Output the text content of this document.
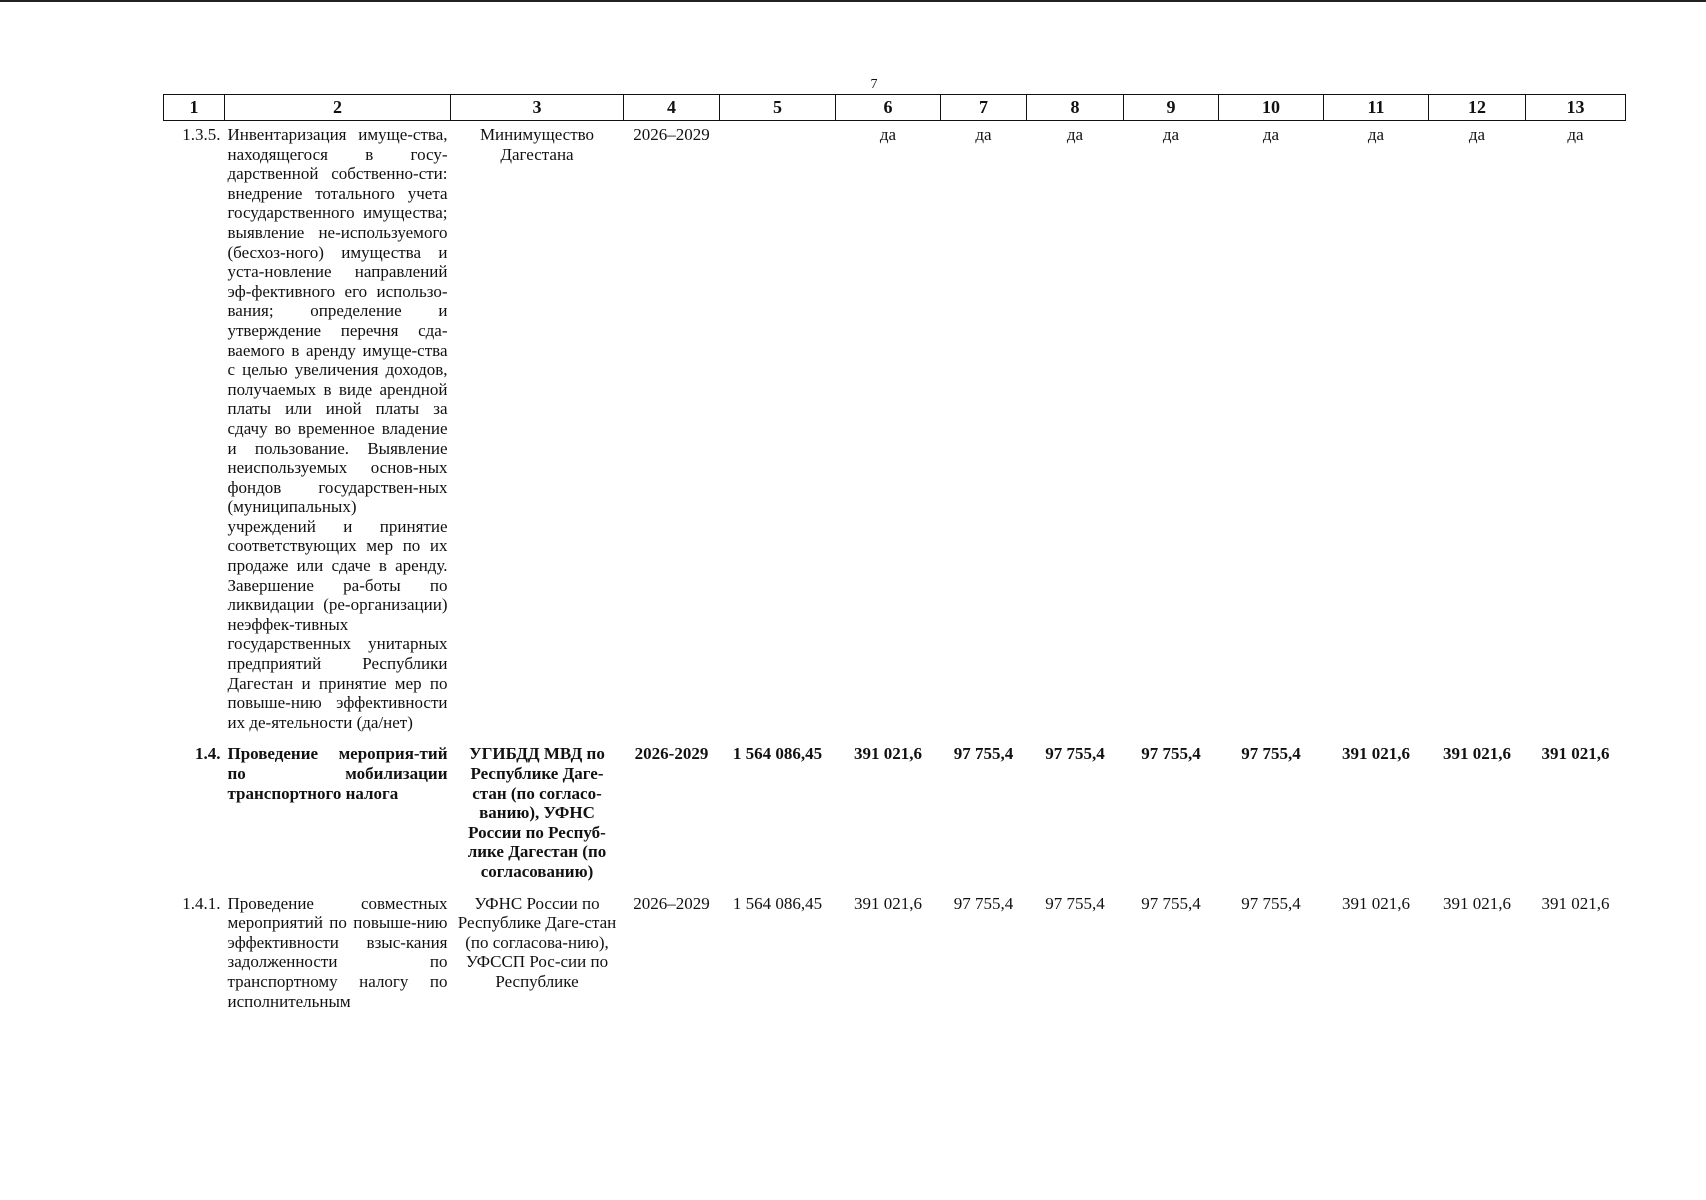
7
1	2	3	4	5	6	7	8	9	10	11	12	13
1.3.5.	Инвентаризация имуще-ства, находящегося в госу-дарственной собственно-сти: внедрение тотального учета государственного имущества; выявление не-используемого (бесхоз-ного) имущества и уста-новление направлений эф-фективного его использо-вания; определение и утверждение перечня сда-ваемого в аренду имуще-ства с целью увеличения доходов, получаемых в виде арендной платы или иной платы за сдачу во временное владение и пользование. Выявление неиспользуемых основ-ных фондов государствен-ных (муниципальных) учреждений и принятие соответствующих мер по их продаже или сдаче в аренду. Завершение ра-боты по ликвидации (ре-организации) неэффек-тивных государственных унитарных предприятий Республики Дагестан и принятие мер по повыше-нию эффективности их де-ятельности (да/нет)	Минимущество Дагестана	2026–2029		да	да	да	да	да	да	да	да
1.4.	Проведение мероприя-тий по мобилизации транспортного налога	УГИБДД МВД по Республике Даге-стан (по согласо-ванию), УФНС России по Респуб-лике Дагестан (по согласованию)	2026-2029	1 564 086,45	391 021,6	97 755,4	97 755,4	97 755,4	97 755,4	391 021,6	391 021,6	391 021,6
1.4.1.	Проведение совместных мероприятий по повыше-нию эффективности взыс-кания задолженности по транспортному налогу по исполнительным	УФНС России по Республике Даге-стан (по согласова-нию), УФССП Рос-сии по Республике	2026–2029	1 564 086,45	391 021,6	97 755,4	97 755,4	97 755,4	97 755,4	391 021,6	391 021,6	391 021,6
